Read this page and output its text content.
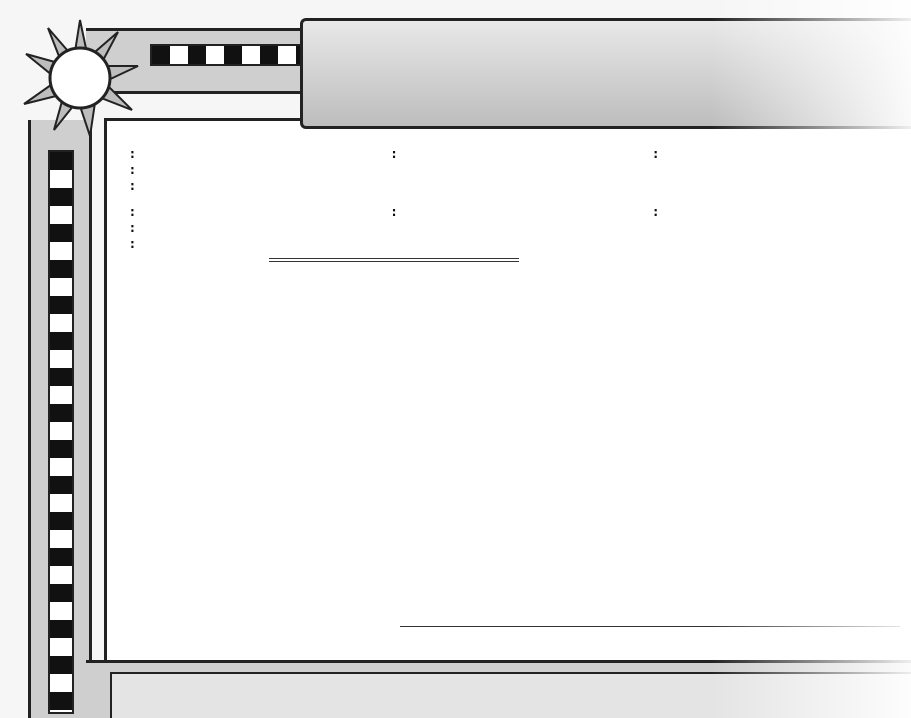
:	:	:

:

:

:	:	:

:

:
